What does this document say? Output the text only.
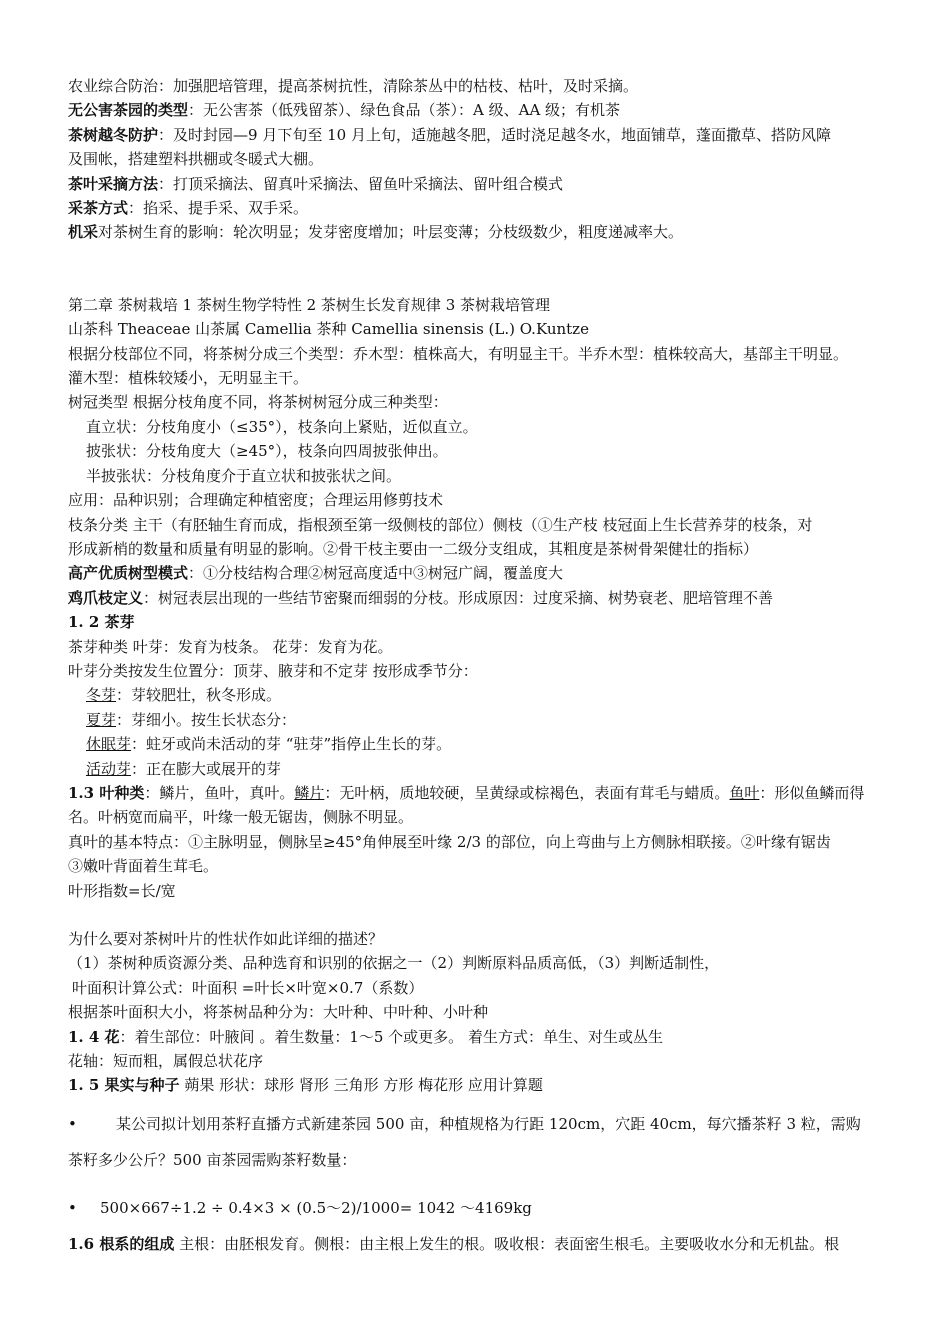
农业综合防治：加强肥培管理，提高茶树抗性，清除茶丛中的枯枝、枯叶，及时采摘。
无公害茶园的类型：无公害茶（低残留茶）、绿色食品（茶）：A 级、AA 级；有机茶
茶树越冬防护：及时封园—9 月下旬至 10 月上旬，适施越冬肥，适时浇足越冬水，地面铺草，蓬面撒草、搭防风障
及围帐，搭建塑料拱棚或冬暖式大棚。
茶叶采摘方法：打顶采摘法、留真叶采摘法、留鱼叶采摘法、留叶组合模式
采茶方式：掐采、提手采、双手采。
机采对茶树生育的影响：轮次明显；发芽密度增加；叶层变薄；分枝级数少，粗度递减率大。
第二章 茶树栽培 1 茶树生物学特性 2 茶树生长发育规律 3 茶树栽培管理
山茶科 Theaceae 山茶属 Camellia 茶种 Camellia sinensis (L.) O.Kuntze
根据分枝部位不同，将茶树分成三个类型：乔木型：植株高大，有明显主干。半乔木型：植株较高大，基部主干明显。
灌木型：植株较矮小，无明显主干。
树冠类型 根据分枝角度不同，将茶树树冠分成三种类型：
直立状：分枝角度小（≤35°），枝条向上紧贴，近似直立。
披张状：分枝角度大（≥45°），枝条向四周披张伸出。
半披张状：分枝角度介于直立状和披张状之间。
应用：品种识别；合理确定种植密度；合理运用修剪技术
枝条分类 主干（有胚轴生育而成，指根颈至第一级侧枝的部位）侧枝（①生产枝 枝冠面上生长营养芽的枝条，对
形成新梢的数量和质量有明显的影响。②骨干枝主要由一二级分支组成，其粗度是茶树骨架健壮的指标）
高产优质树型模式：①分枝结构合理②树冠高度适中③树冠广阔，覆盖度大
鸡爪枝定义：树冠表层出现的一些结节密聚而细弱的分枝。形成原因：过度采摘、树势衰老、肥培管理不善
1. 2 茶芽
茶芽种类 叶芽：发育为枝条。 花芽：发育为花。
叶芽分类按发生位置分：顶芽、腋芽和不定芽 按形成季节分：
冬芽：芽较肥壮，秋冬形成。
夏芽：芽细小。按生长状态分：
休眠芽：蛀牙或尚未活动的芽 “驻芽”指停止生长的芽。
活动芽：正在膨大或展开的芽
1.3 叶种类：鳞片，鱼叶，真叶。鳞片：无叶柄，质地较硬，呈黄绿或棕褐色，表面有茸毛与蜡质。鱼叶：形似鱼鳞而得
名。叶柄宽而扁平，叶缘一般无锯齿，侧脉不明显。
真叶的基本特点：①主脉明显，侧脉呈≥45°角伸展至叶缘 2/3 的部位，向上弯曲与上方侧脉相联接。②叶缘有锯齿
③嫩叶背面着生茸毛。
叶形指数=长/宽
为什么要对茶树叶片的性状作如此详细的描述？
（1）茶树种质资源分类、品种选育和识别的依据之一（2）判断原料品质高低，（3）判断适制性，
叶面积计算公式：叶面积 =叶长×叶宽×0.7（系数）
根据茶叶面积大小，将茶树品种分为：大叶种、中叶种、小叶种
1. 4 花：着生部位：叶腋间 。着生数量：1～5 个或更多。 着生方式：单生、对生或丛生
花轴：短而粗，属假总状花序
1. 5 果实与种子 蒴果 形状：球形 肾形 三角形 方形 梅花形 应用计算题
•	某公司拟计划用茶籽直播方式新建茶园 500 亩，种植规格为行距 120cm，穴距 40cm，每穴播茶籽 3 粒，需购
茶籽多少公斤？500 亩茶园需购茶籽数量：
• 500×667÷1.2 ÷ 0.4×3 × (0.5～2)/1000= 1042 ～4169kg
1.6 根系的组成 主根：由胚根发育。侧根：由主根上发生的根。吸收根：表面密生根毛。主要吸收水分和无机盐。根
